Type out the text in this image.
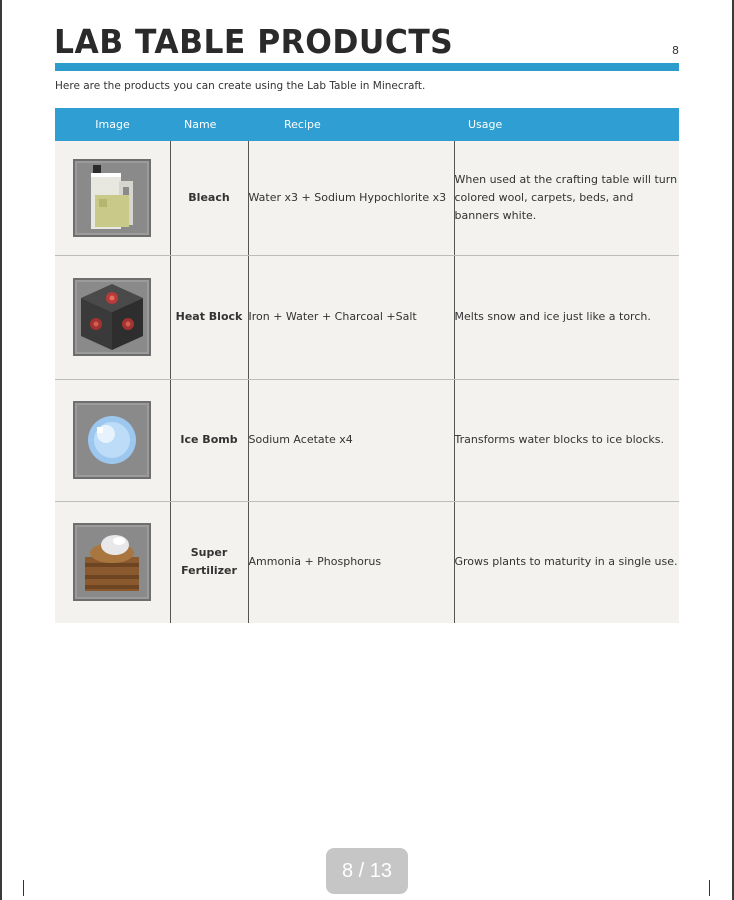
LAB TABLE PRODUCTS	8

Here are the products you can create using the Lab Table in Minecraft.

Image	Name	Recipe	Usage

	Bleach	Water x3 + Sodium Hypochlorite x3	When used at the crafting table will turn colored wool, carpets, beds, and banners white.

	Heat Block	Iron + Water + Charcoal +Salt	Melts snow and ice just like a torch.

	Ice Bomb	Sodium Acetate x4	Transforms water blocks to ice blocks.

	Super Fertilizer	Ammonia + Phosphorus	Grows plants to maturity in a single use.
8 / 13
